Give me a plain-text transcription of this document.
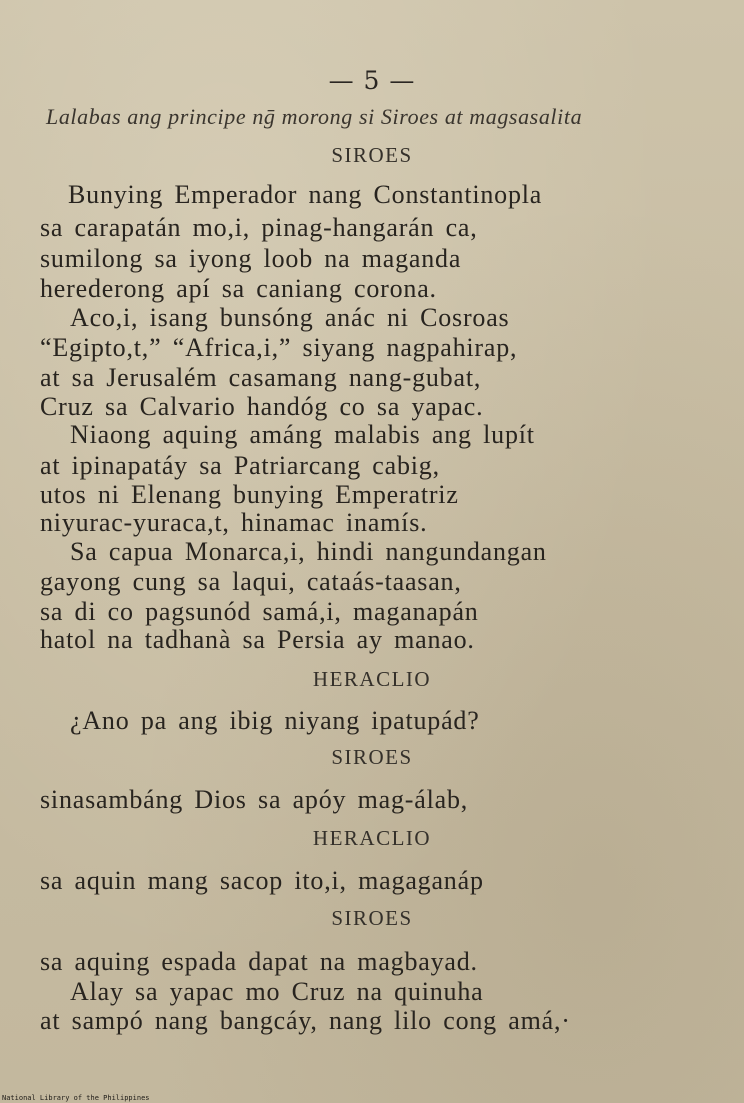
— 5 —

Lalabas ang principe nḡ morong si Siroes at magsasalita

SIROES

Bunying Emperador nang Constantinopla

sa carapatán mo,i, pinag-hangarán ca,

sumilong sa iyong loob na maganda

herederong apí sa caniang corona.

Aco,i, isang bunsóng anác ni Cosroas

“Egipto,t,” “Africa,i,” siyang nagpahirap,

at sa Jerusalém casamang nang-gubat,

Cruz sa Calvario handóg co sa yapac.

Niaong aquing amáng malabis ang lupít

at ipinapatáy sa Patriarcang cabig,

utos ni Elenang bunying Emperatriz

niyurac-yuraca,t, hinamac inamís.

Sa capua Monarca,i, hindi nangundangan

gayong cung sa laqui, cataás-taasan,

sa di co pagsunód samá,i, maganapán

hatol na tadhanà sa Persia ay manao.

HERACLIO

¿Ano pa ang ibig niyang ipatupád?

SIROES

sinasambáng Dios sa apóy mag-álab,

HERACLIO

sa aquin mang sacop ito,i, magaganáp

SIROES

sa aquing espada dapat na magbayad.

Alay sa yapac mo Cruz na quinuha

at sampó nang bangcáy, nang lilo cong amá,·

National Library of the Philippines
